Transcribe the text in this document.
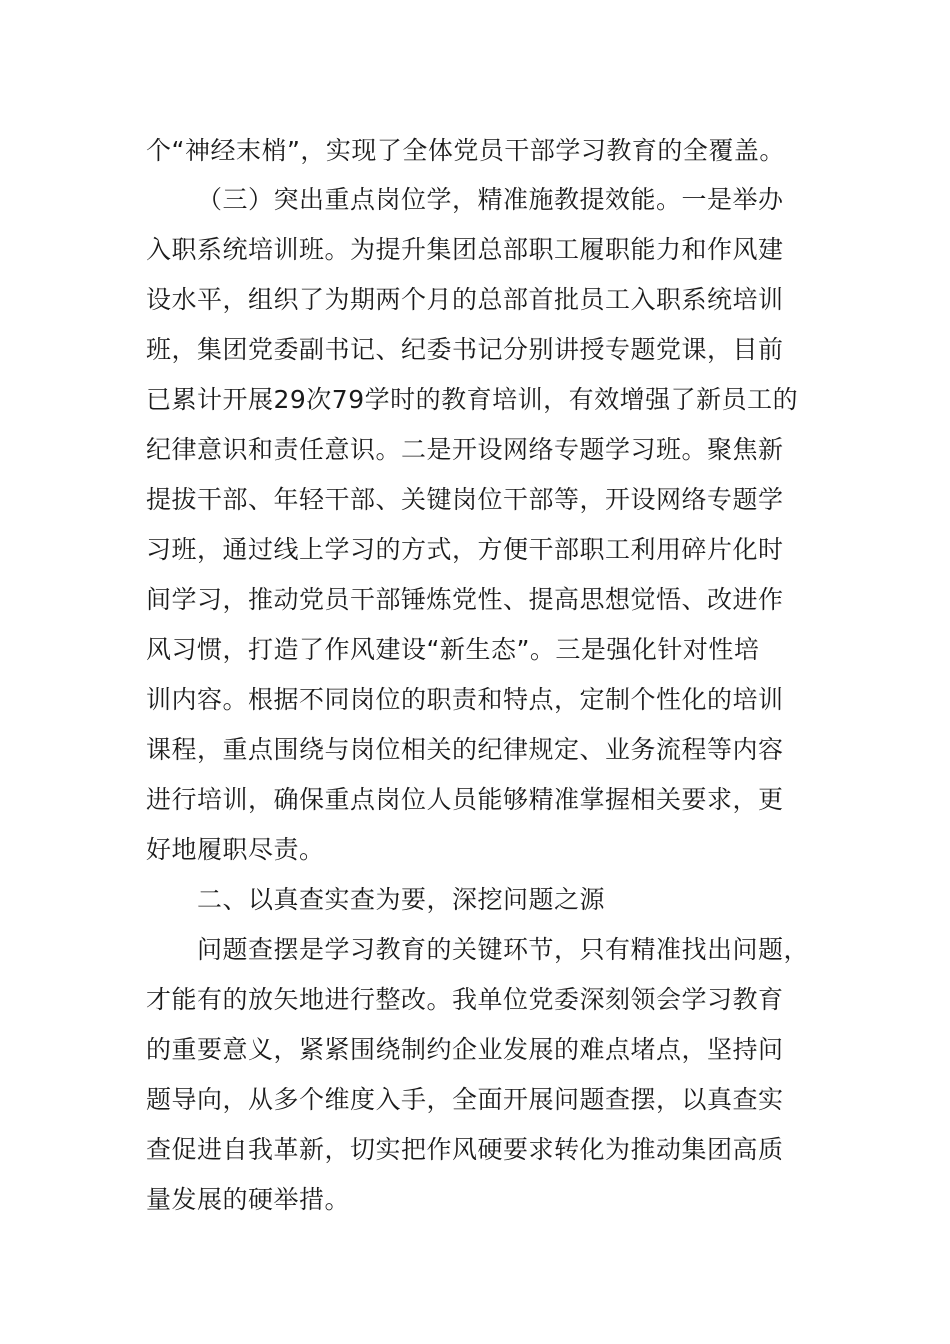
个“神经末梢”，实现了全体党员干部学习教育的全覆盖。
（三）突出重点岗位学，精准施教提效能。一是举办
入职系统培训班。为提升集团总部职工履职能力和作风建
设水平，组织了为期两个月的总部首批员工入职系统培训
班，集团党委副书记、纪委书记分别讲授专题党课，目前
已累计开展29次79学时的教育培训，有效增强了新员工的
纪律意识和责任意识。二是开设网络专题学习班。聚焦新
提拔干部、年轻干部、关键岗位干部等，开设网络专题学
习班，通过线上学习的方式，方便干部职工利用碎片化时
间学习，推动党员干部锤炼党性、提高思想觉悟、改进作
风习惯，打造了作风建设“新生态”。三是强化针对性培
训内容。根据不同岗位的职责和特点，定制个性化的培训
课程，重点围绕与岗位相关的纪律规定、业务流程等内容
进行培训，确保重点岗位人员能够精准掌握相关要求，更
好地履职尽责。
二、以真查实查为要，深挖问题之源
问题查摆是学习教育的关键环节，只有精准找出问题，
才能有的放矢地进行整改。我单位党委深刻领会学习教育
的重要意义，紧紧围绕制约企业发展的难点堵点，坚持问
题导向，从多个维度入手，全面开展问题查摆，以真查实
查促进自我革新，切实把作风硬要求转化为推动集团高质
量发展的硬举措。
